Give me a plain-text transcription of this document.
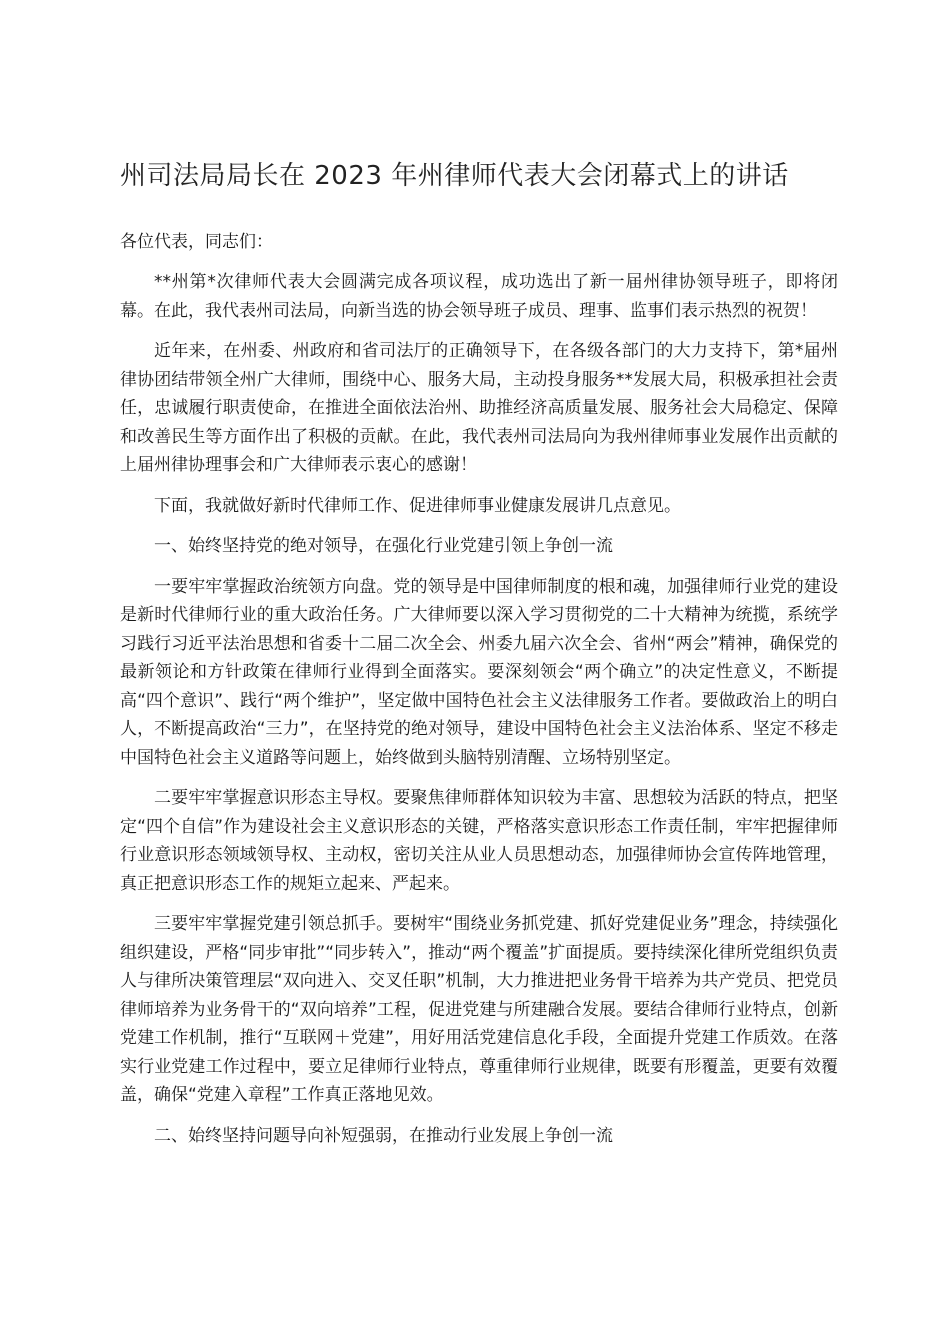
州司法局局长在 2023 年州律师代表大会闭幕式上的讲话

各位代表，同志们：

**州第*次律师代表大会圆满完成各项议程，成功选出了新一届州律协领导班子，即将闭幕。在此，我代表州司法局，向新当选的协会领导班子成员、理事、监事们表示热烈的祝贺！

近年来，在州委、州政府和省司法厅的正确领导下，在各级各部门的大力支持下，第*届州律协团结带领全州广大律师，围绕中心、服务大局，主动投身服务**发展大局，积极承担社会责任，忠诚履行职责使命，在推进全面依法治州、助推经济高质量发展、服务社会大局稳定、保障和改善民生等方面作出了积极的贡献。在此，我代表州司法局向为我州律师事业发展作出贡献的上届州律协理事会和广大律师表示衷心的感谢！

下面，我就做好新时代律师工作、促进律师事业健康发展讲几点意见。

一、始终坚持党的绝对领导，在强化行业党建引领上争创一流

一要牢牢掌握政治统领方向盘。党的领导是中国律师制度的根和魂，加强律师行业党的建设是新时代律师行业的重大政治任务。广大律师要以深入学习贯彻党的二十大精神为统揽，系统学习践行习近平法治思想和省委十二届二次全会、州委九届六次全会、省州“两会”精神，确保党的最新领论和方针政策在律师行业得到全面落实。要深刻领会“两个确立”的决定性意义，不断提高“四个意识”、践行“两个维护”，坚定做中国特色社会主义法律服务工作者。要做政治上的明白人，不断提高政治“三力”，在坚持党的绝对领导，建设中国特色社会主义法治体系、坚定不移走中国特色社会主义道路等问题上，始终做到头脑特别清醒、立场特别坚定。

二要牢牢掌握意识形态主导权。要聚焦律师群体知识较为丰富、思想较为活跃的特点，把坚定“四个自信”作为建设社会主义意识形态的关键，严格落实意识形态工作责任制，牢牢把握律师行业意识形态领域领导权、主动权，密切关注从业人员思想动态，加强律师协会宣传阵地管理，真正把意识形态工作的规矩立起来、严起来。

三要牢牢掌握党建引领总抓手。要树牢“围绕业务抓党建、抓好党建促业务”理念，持续强化组织建设，严格“同步审批”“同步转入”，推动“两个覆盖”扩面提质。要持续深化律所党组织负责人与律所决策管理层“双向进入、交叉任职”机制，大力推进把业务骨干培养为共产党员、把党员律师培养为业务骨干的“双向培养”工程，促进党建与所建融合发展。要结合律师行业特点，创新党建工作机制，推行“互联网＋党建”，用好用活党建信息化手段，全面提升党建工作质效。在落实行业党建工作过程中，要立足律师行业特点，尊重律师行业规律，既要有形覆盖，更要有效覆盖，确保“党建入章程”工作真正落地见效。

二、始终坚持问题导向补短强弱，在推动行业发展上争创一流
